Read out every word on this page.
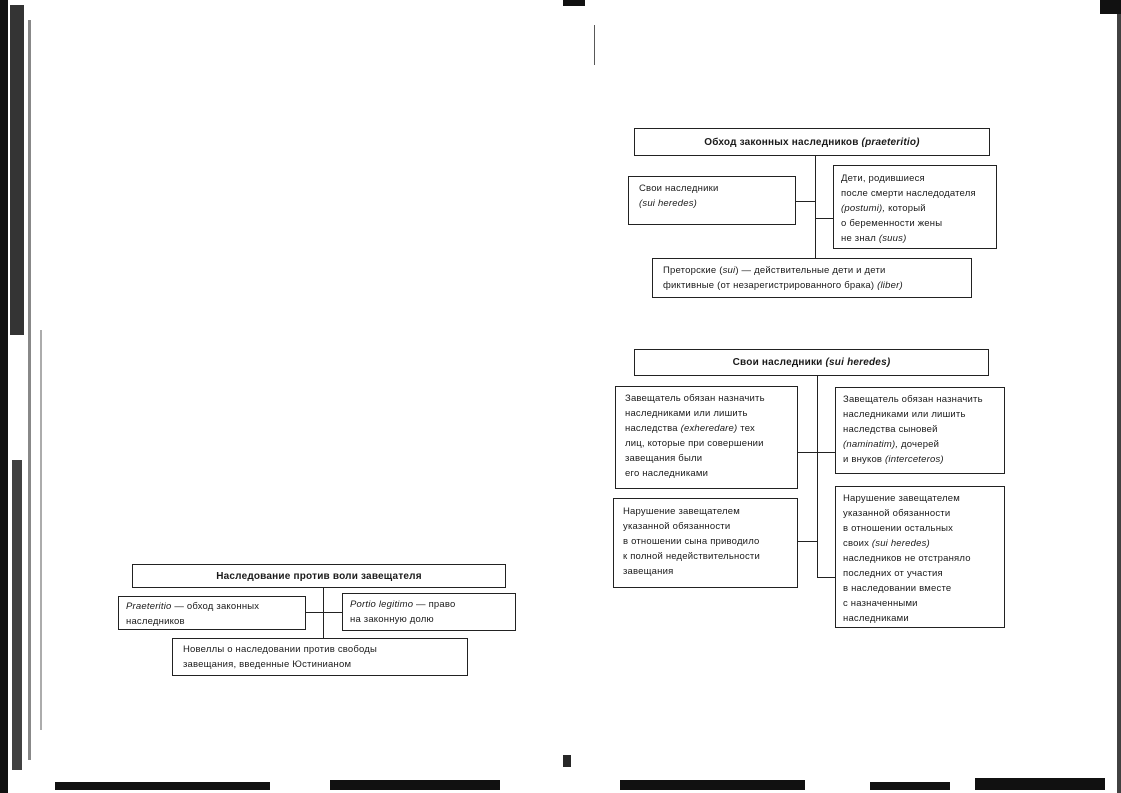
Наследование против воли завещателя
Praeteritio — обход законных
наследников
Portio legitimo — право
на законную долю
Новеллы о наследовании против свободы
завещания, введенные Юстинианом
Обход законных наследников (praeteritio)
Свои наследники
(sui heredes)
Дети, родившиеся
после смерти наследодателя
(postumi), который
о беременности жены
не знал (suus)
Преторские (sui) — действительные дети и дети
фиктивные (от незарегистрированного брака) (liber)
Свои наследники (sui heredes)
Завещатель обязан назначить
наследниками или лишить
наследства (exheredare) тех
лиц, которые при совершении
завещания были
его наследниками
Завещатель обязан назначить
наследниками или лишить
наследства сыновей
(naminatim), дочерей
и внуков (interceteros)
Нарушение завещателем
указанной обязанности
в отношении сына приводило
к полной недействительности
завещания
Нарушение завещателем
указанной обязанности
в отношении остальных
своих (sui heredes)
наследников не отстраняло
последних от участия
в наследовании вместе
с назначенными
наследниками
